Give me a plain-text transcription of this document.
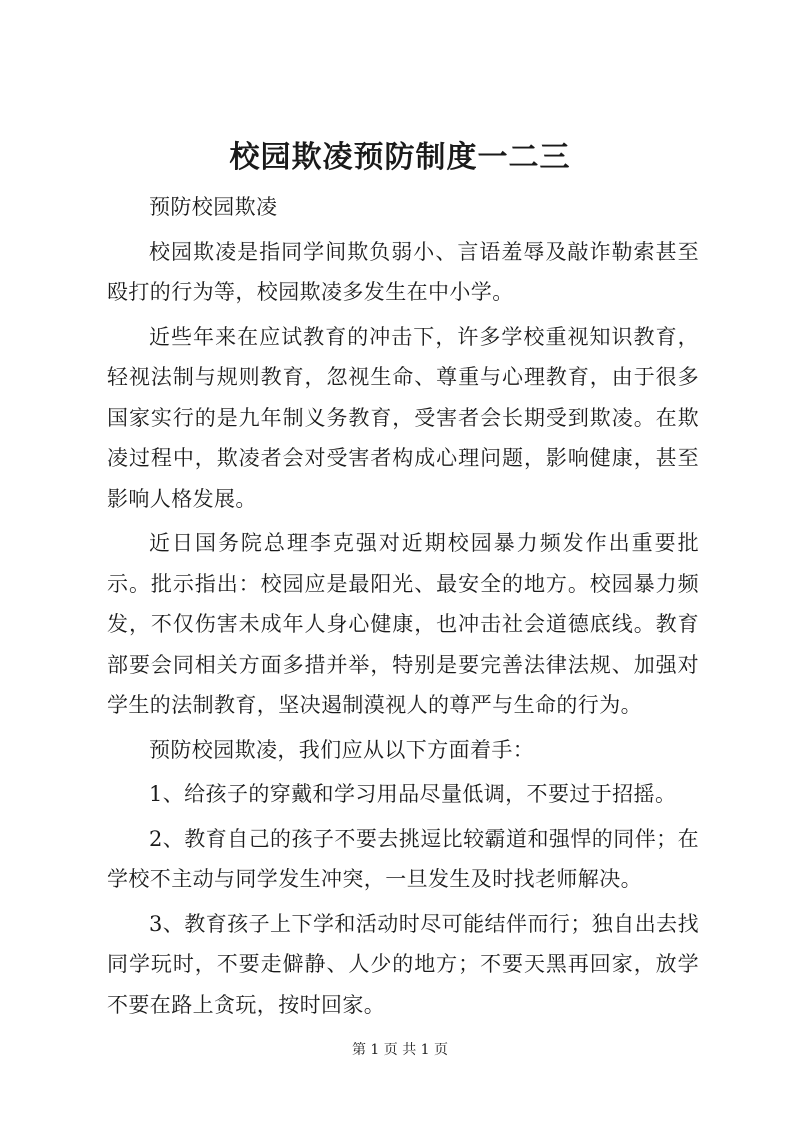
校园欺凌预防制度一二三

预防校园欺凌

校园欺凌是指同学间欺负弱小、言语羞辱及敲诈勒索甚至殴打的行为等，校园欺凌多发生在中小学。

近些年来在应试教育的冲击下，许多学校重视知识教育，轻视法制与规则教育，忽视生命、尊重与心理教育，由于很多国家实行的是九年制义务教育，受害者会长期受到欺凌。在欺凌过程中，欺凌者会对受害者构成心理问题，影响健康，甚至影响人格发展。

近日国务院总理李克强对近期校园暴力频发作出重要批示。批示指出：校园应是最阳光、最安全的地方。校园暴力频发，不仅伤害未成年人身心健康，也冲击社会道德底线。教育部要会同相关方面多措并举，特别是要完善法律法规、加强对学生的法制教育，坚决遏制漠视人的尊严与生命的行为。

预防校园欺凌，我们应从以下方面着手：

1、给孩子的穿戴和学习用品尽量低调，不要过于招摇。

2、教育自己的孩子不要去挑逗比较霸道和强悍的同伴；在学校不主动与同学发生冲突，一旦发生及时找老师解决。

3、教育孩子上下学和活动时尽可能结伴而行；独自出去找同学玩时，不要走僻静、人少的地方；不要天黑再回家，放学不要在路上贪玩，按时回家。

第 1 页 共 1 页
